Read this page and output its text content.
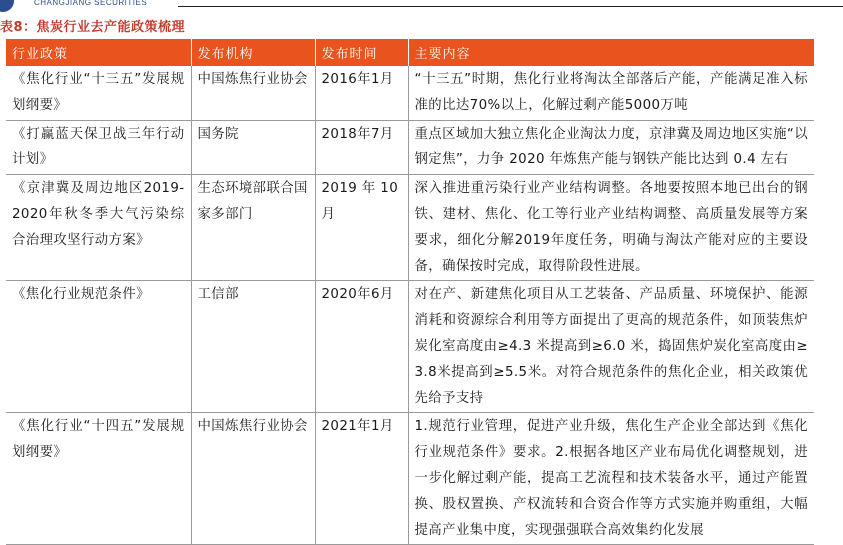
CHANGJIANG SECURITIES
表8：焦炭行业去产能政策梳理
行业政策	发布机构	发布时间	主要内容
《焦化行业“十三五”发展规划纲要》	中国炼焦行业协会	2016年1月	“十三五”时期，焦化行业将淘汰全部落后产能，产能满足准入标准的比达70%以上，化解过剩产能5000万吨
《打赢蓝天保卫战三年行动计划》	国务院	2018年7月	重点区域加大独立焦化企业淘汰力度，京津冀及周边地区实施“以钢定焦”，力争 2020 年炼焦产能与钢铁产能比达到 0.4 左右
《京津冀及周边地区2019-2020年秋冬季大气污染综合治理攻坚行动方案》	生态环境部联合国家多部门	2019 年 10月	深入推进重污染行业产业结构调整。各地要按照本地已出台的钢铁、建材、焦化、化工等行业产业结构调整、高质量发展等方案要求，细化分解2019年度任务，明确与淘汰产能对应的主要设备，确保按时完成，取得阶段性进展。
《焦化行业规范条件》	工信部	2020年6月	对在产、新建焦化项目从工艺装备、产品质量、环境保护、能源消耗和资源综合利用等方面提出了更高的规范条件，如顶装焦炉炭化室高度由≥4.3 米提高到≥6.0 米，捣固焦炉炭化室高度由≥3.8米提高到≥5.5米。对符合规范条件的焦化企业，相关政策优先给予支持
《焦化行业“十四五”发展规划纲要》	中国炼焦行业协会	2021年1月	1.规范行业管理，促进产业升级，焦化生产企业全部达到《焦化行业规范条件》要求。2.根据各地区产业布局优化调整规划，进一步化解过剩产能，提高工艺流程和技术装备水平，通过产能置换、股权置换、产权流转和合资合作等方式实施并购重组，大幅提高产业集中度，实现强强联合高效集约化发展
